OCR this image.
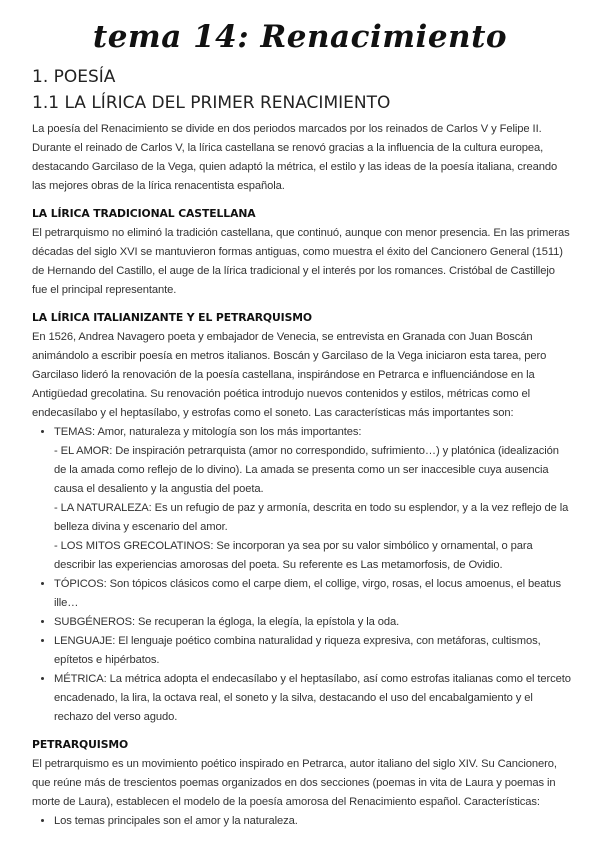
tema 14: Renacimiento
1. POESÍA
1.1 LA LÍRICA DEL PRIMER RENACIMIENTO

La poesía del Renacimiento se divide en dos periodos marcados por los reinados de Carlos V y Felipe II. Durante el reinado de Carlos V, la lírica castellana se renovó gracias a la influencia de la cultura europea, destacando Garcilaso de la Vega, quien adaptó la métrica, el estilo y las ideas de la poesía italiana, creando las mejores obras de la lírica renacentista española.

LA LÍRICA TRADICIONAL CASTELLANA

El petrarquismo no eliminó la tradición castellana, que continuó, aunque con menor presencia. En las primeras décadas del siglo XVI se mantuvieron formas antiguas, como muestra el éxito del Cancionero General (1511) de Hernando del Castillo, el auge de la lírica tradicional y el interés por los romances. Cristóbal de Castillejo fue el principal representante.

LA LÍRICA ITALIANIZANTE Y EL PETRARQUISMO

En 1526, Andrea Navagero poeta y embajador de Venecia, se entrevista en Granada con Juan Boscán animándolo a escribir poesía en metros italianos. Boscán y Garcilaso de la Vega iniciaron esta tarea, pero Garcilaso lideró la renovación de la poesía castellana, inspirándose en Petrarca e influenciándose en la Antigüedad grecolatina. Su renovación poética introdujo nuevos contenidos y estilos, métricas como el endecasílabo y el heptasílabo, y estrofas como el soneto. Las características más importantes son:

• TEMAS: Amor, naturaleza y mitología son los más importantes:
- EL AMOR: De inspiración petrarquista (amor no correspondido, sufrimiento…) y platónica (idealización de la amada como reflejo de lo divino). La amada se presenta como un ser inaccesible cuya ausencia causa el desaliento y la angustia del poeta.
- LA NATURALEZA: Es un refugio de paz y armonía, descrita en todo su esplendor, y a la vez reflejo de la belleza divina y escenario del amor.
- LOS MITOS GRECOLATINOS: Se incorporan ya sea por su valor simbólico y ornamental, o para describir las experiencias amorosas del poeta. Su referente es Las metamorfosis, de Ovidio.
• TÓPICOS: Son tópicos clásicos como el carpe diem, el collige, virgo, rosas, el locus amoenus, el beatus ille…
• SUBGÉNEROS: Se recuperan la égloga, la elegía, la epístola y la oda.
• LENGUAJE: El lenguaje poético combina naturalidad y riqueza expresiva, con metáforas, cultismos, epítetos e hipérbatos.
• MÉTRICA: La métrica adopta el endecasílabo y el heptasílabo, así como estrofas italianas como el terceto encadenado, la lira, la octava real, el soneto y la silva, destacando el uso del encabalgamiento y el rechazo del verso agudo.
PETRARQUISMO

El petrarquismo es un movimiento poético inspirado en Petrarca, autor italiano del siglo XIV. Su Cancionero, que reúne más de trescientos poemas organizados en dos secciones (poemas in vita de Laura y poemas in morte de Laura), establecen el modelo de la poesía amorosa del Renacimiento español. Características:

• Los temas principales son el amor y la naturaleza.
